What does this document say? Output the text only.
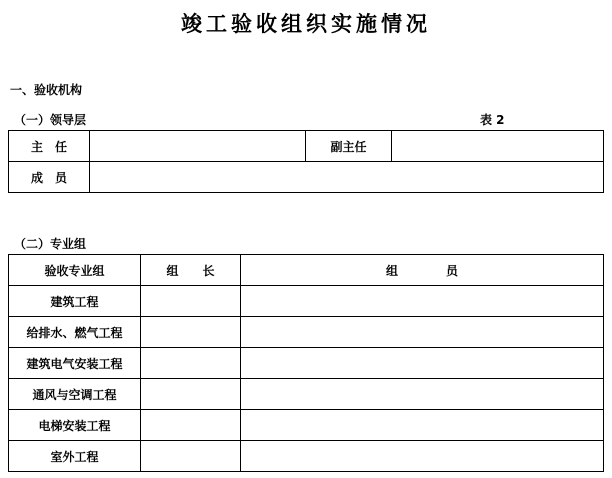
竣工验收组织实施情况
一、验收机构
（一）领导层	表 2
主　任		副主任	
成　员			
（二）专业组
验收专业组	组　　长	组　　　　员
建筑工程		
给排水、燃气工程		
建筑电气安装工程		
通风与空调工程		
电梯安装工程		
室外工程		
